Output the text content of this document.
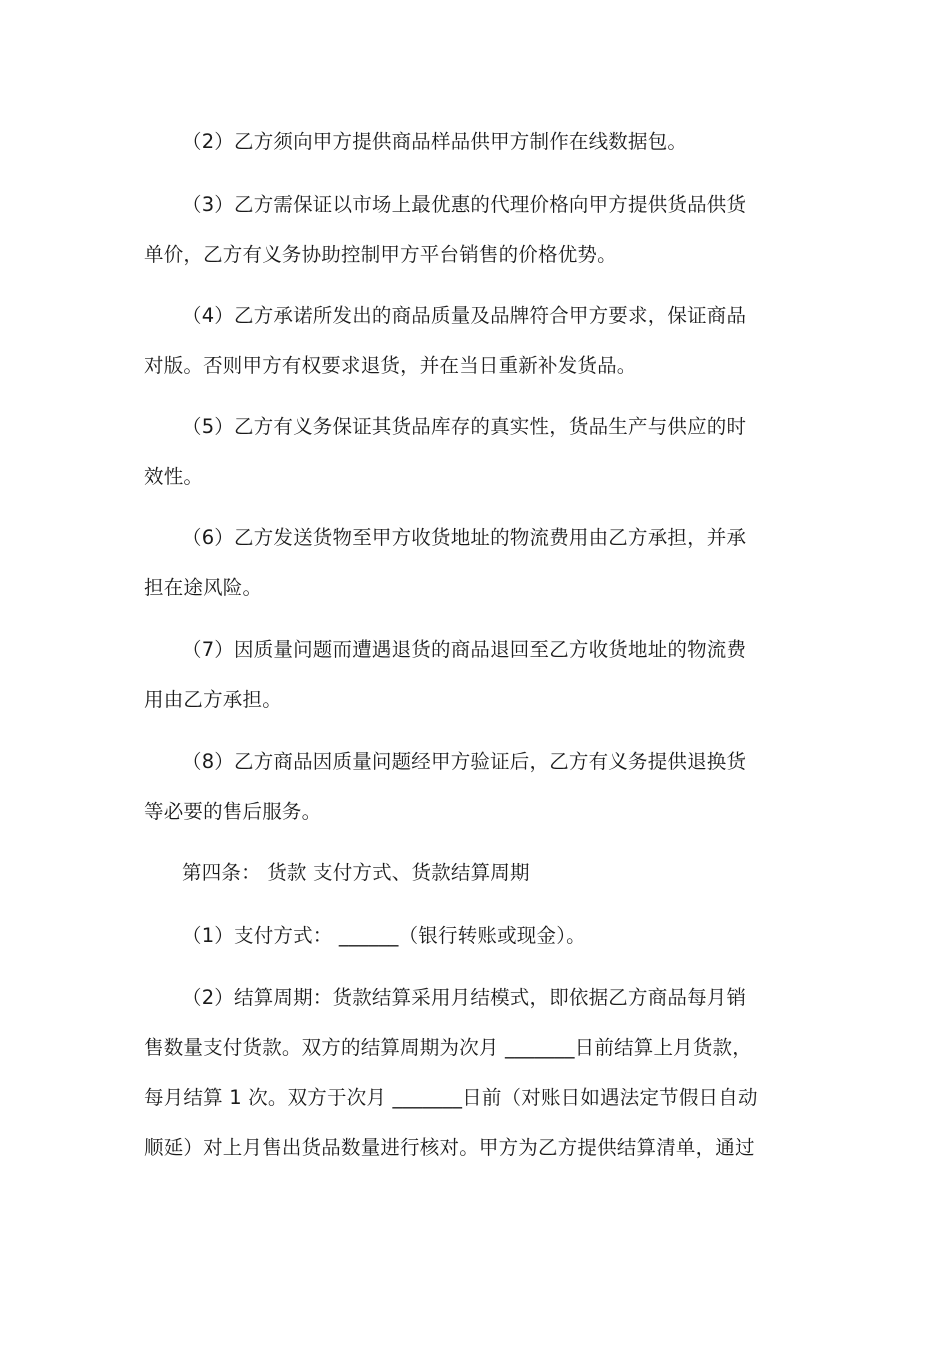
（2）乙方须向甲方提供商品样品供甲方制作在线数据包。
（3）乙方需保证以市场上最优惠的代理价格向甲方提供货品供货
单价，乙方有义务协助控制甲方平台销售的价格优势。
（4）乙方承诺所发出的商品质量及品牌符合甲方要求，保证商品
对版。否则甲方有权要求退货，并在当日重新补发货品。
（5）乙方有义务保证其货品库存的真实性，货品生产与供应的时
效性。
（6）乙方发送货物至甲方收货地址的物流费用由乙方承担，并承
担在途风险。
（7）因质量问题而遭遇退货的商品退回至乙方收货地址的物流费
用由乙方承担。
（8）乙方商品因质量问题经甲方验证后，乙方有义务提供退换货
等必要的售后服务。
第四条： 货款 支付方式、货款结算周期
（1）支付方式： ______（银行转账或现金）。
（2）结算周期：货款结算采用月结模式，即依据乙方商品每月销
售数量支付货款。双方的结算周期为次月 _______日前结算上月货款，
每月结算 1 次。双方于次月 _______日前（对账日如遇法定节假日自动
顺延）对上月售出货品数量进行核对。甲方为乙方提供结算清单，通过
